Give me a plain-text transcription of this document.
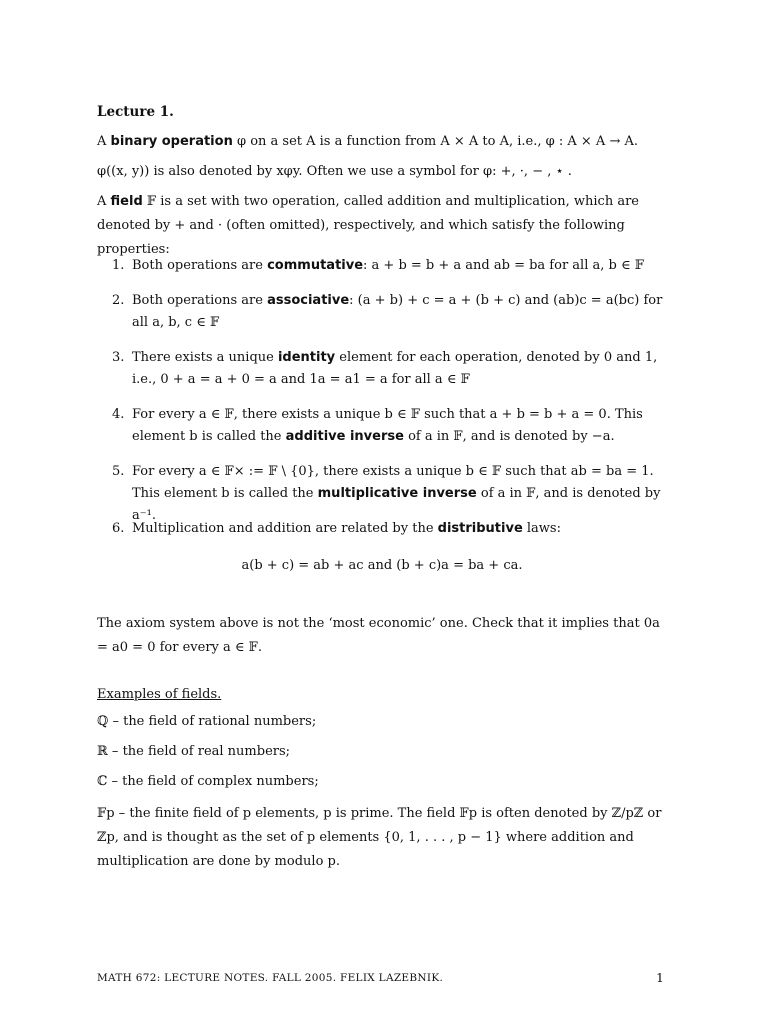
Lecture 1.
A binary operation φ on a set A is a function from A × A to A, i.e., φ : A × A → A.
φ((x, y)) is also denoted by xφy. Often we use a symbol for φ: +, ·, − , ⋆ .
A field 𝔽 is a set with two operation, called addition and multiplication, which are denoted by + and · (often omitted), respectively, and which satisfy the following properties:
1. Both operations are commutative: a + b = b + a and ab = ba for all a, b ∈ 𝔽
2. Both operations are associative: (a + b) + c = a + (b + c) and (ab)c = a(bc) for all a, b, c ∈ 𝔽
3. There exists a unique identity element for each operation, denoted by 0 and 1, i.e., 0 + a = a + 0 = a and 1a = a1 = a for all a ∈ 𝔽
4. For every a ∈ 𝔽, there exists a unique b ∈ 𝔽 such that a + b = b + a = 0. This element b is called the additive inverse of a in 𝔽, and is denoted by −a.
5. For every a ∈ 𝔽× := 𝔽 \ {0}, there exists a unique b ∈ 𝔽 such that ab = ba = 1. This element b is called the multiplicative inverse of a in 𝔽, and is denoted by a⁻¹.
6. Multiplication and addition are related by the distributive laws:
a(b + c) = ab + ac and (b + c)a = ba + ca.
The axiom system above is not the ‘most economic’ one. Check that it implies that 0a = a0 = 0 for every a ∈ 𝔽.
Examples of fields.
ℚ – the field of rational numbers;
ℝ – the field of real numbers;
ℂ – the field of complex numbers;
𝔽p – the finite field of p elements, p is prime. The field 𝔽p is often denoted by ℤ/pℤ or ℤp, and is thought as the set of p elements {0, 1, . . . , p − 1} where addition and multiplication are done by modulo p.
MATH 672: LECTURE NOTES. FALL 2005. FELIX LAZEBNIK.	1
